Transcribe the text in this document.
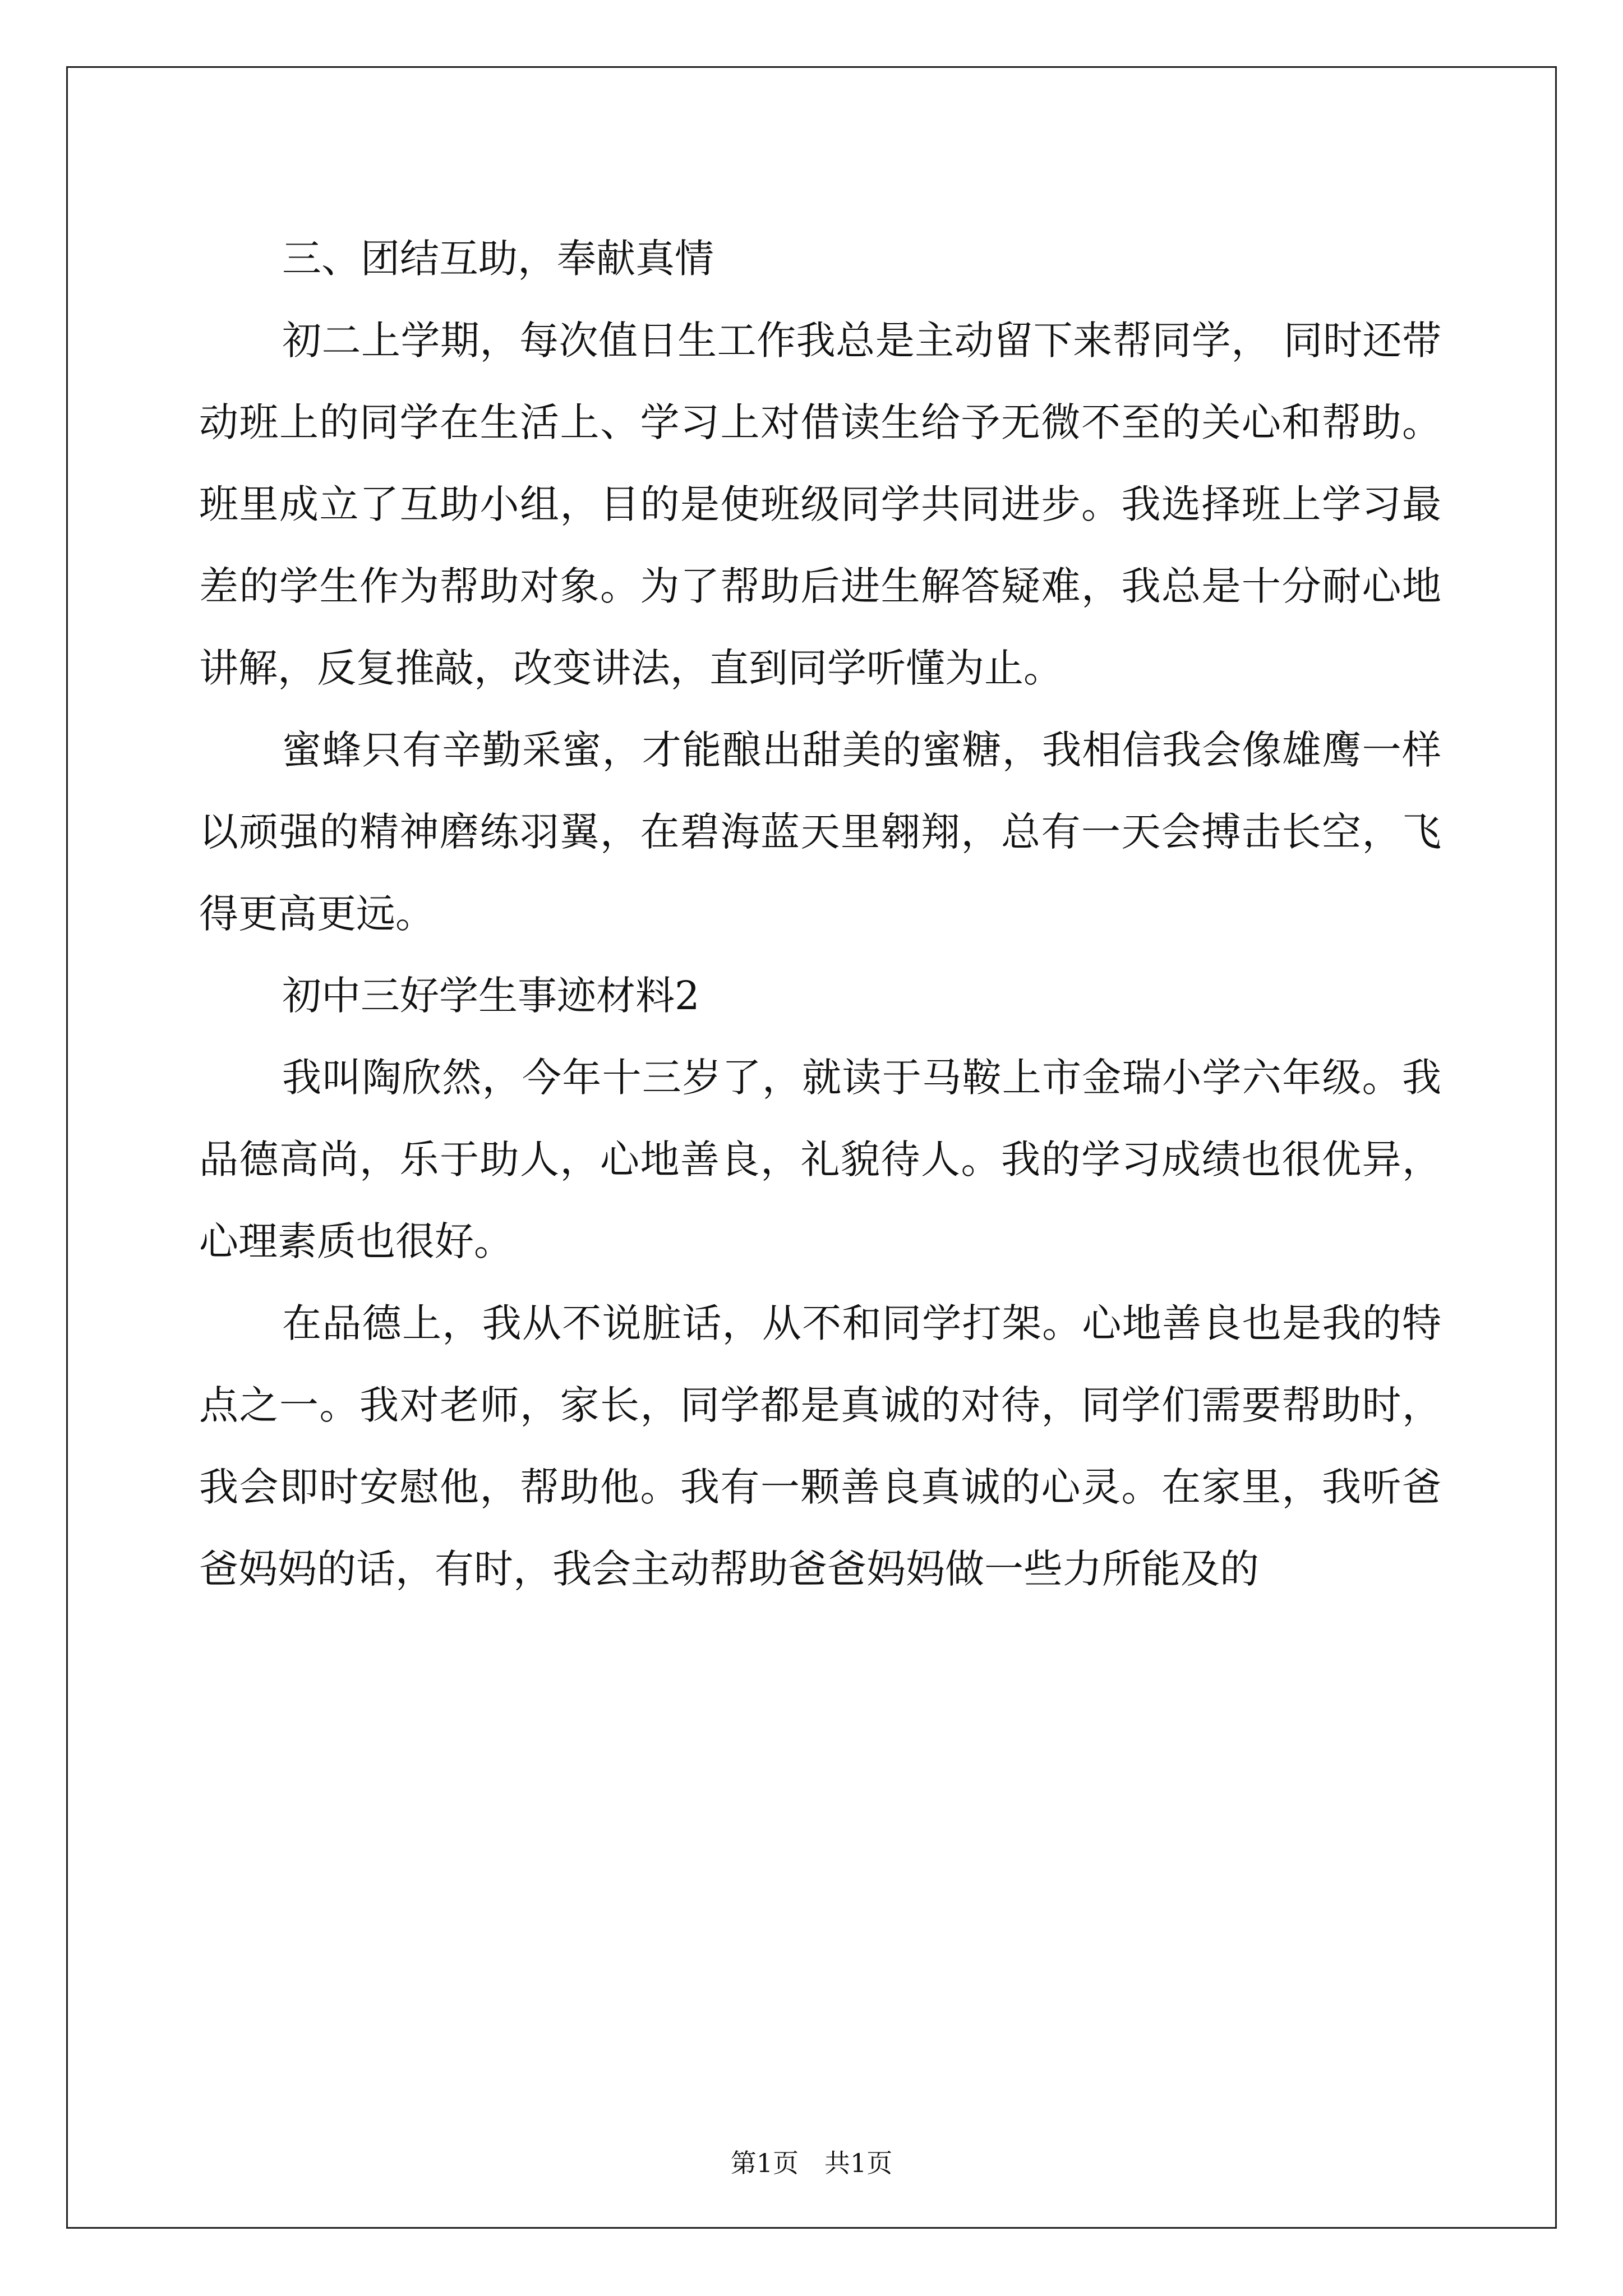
三、团结互助，奉献真情

初二上学期，每次值日生工作我总是主动留下来帮同学， 同时还带动班上的同学在生活上、学习上对借读生给予无微不至的关心和帮助。班里成立了互助小组，目的是使班级同学共同进步。我选择班上学习最差的学生作为帮助对象。为了帮助后进生解答疑难，我总是十分耐心地讲解，反复推敲，改变讲法，直到同学听懂为止。

蜜蜂只有辛勤采蜜，才能酿出甜美的蜜糖，我相信我会像雄鹰一样以顽强的精神磨练羽翼，在碧海蓝天里翱翔，总有一天会搏击长空，飞得更高更远。

初中三好学生事迹材料2

我叫陶欣然，今年十三岁了，就读于马鞍上市金瑞小学六年级。我品德高尚，乐于助人，心地善良，礼貌待人。我的学习成绩也很优异，心理素质也很好。

在品德上，我从不说脏话，从不和同学打架。心地善良也是我的特点之一。我对老师，家长，同学都是真诚的对待，同学们需要帮助时，我会即时安慰他，帮助他。我有一颗善良真诚的心灵。在家里，我听爸爸妈妈的话，有时，我会主动帮助爸爸妈妈做一些力所能及的

第1页　共1页
